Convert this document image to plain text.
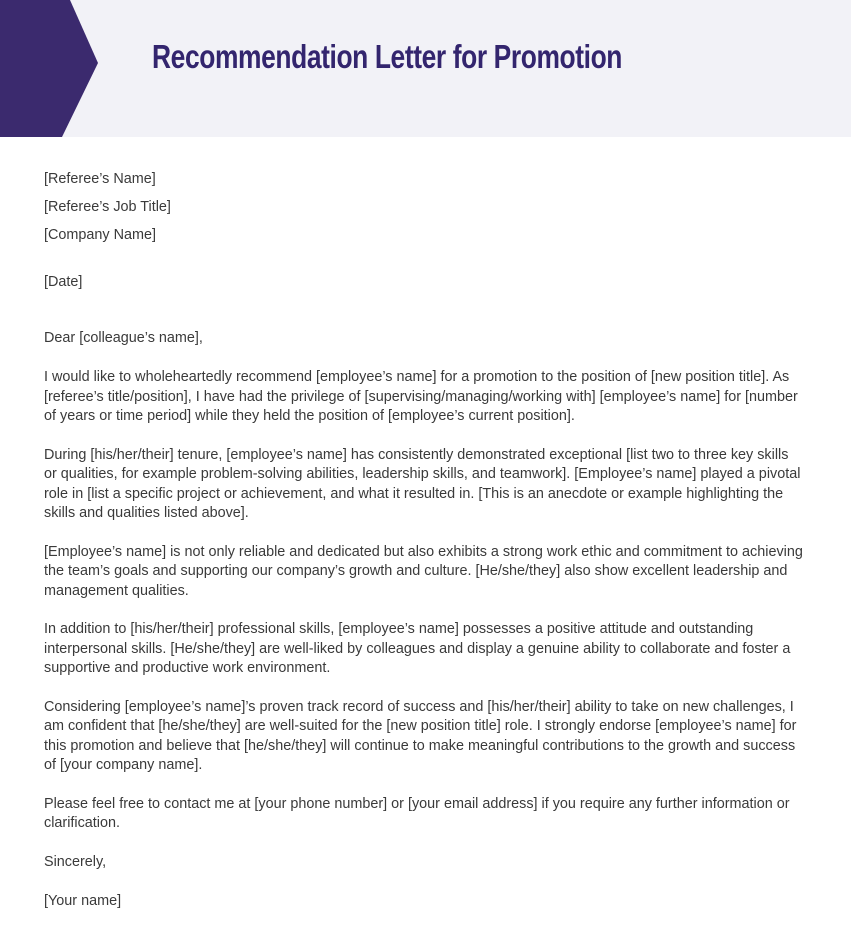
Recommendation Letter for Promotion

[Referee’s Name]

[Referee’s Job Title]

[Company Name]

[Date]

Dear [colleague’s name],

I would like to wholeheartedly recommend [employee’s name] for a promotion to the position of [new position title]. As [referee’s title/position], I have had the privilege of [supervising/managing/working with] [employee’s name] for [number of years or time period] while they held the position of [employee’s current position].

During [his/her/their] tenure, [employee’s name] has consistently demonstrated exceptional [list two to three key skills or qualities, for example problem-solving abilities, leadership skills, and teamwork]. [Employee’s name] played a pivotal role in [list a specific project or achievement, and what it resulted in. [This is an anecdote or example highlighting the skills and qualities listed above].

[Employee’s name] is not only reliable and dedicated but also exhibits a strong work ethic and commitment to achieving the team’s goals and supporting our company’s growth and culture. [He/she/they] also show excellent leadership and management qualities.

In addition to [his/her/their] professional skills, [employee’s name] possesses a positive attitude and outstanding interpersonal skills. [He/she/they] are well-liked by colleagues and display a genuine ability to collaborate and foster a supportive and productive work environment.

Considering [employee’s name]’s proven track record of success and [his/her/their] ability to take on new challenges, I am confident that [he/she/they] are well-suited for the [new position title] role. I strongly endorse [employee’s name] for this promotion and believe that [he/she/they] will continue to make meaningful contributions to the growth and success of [your company name].

Please feel free to contact me at [your phone number] or [your email address] if you require any further information or clarification.

Sincerely,

[Your name]
